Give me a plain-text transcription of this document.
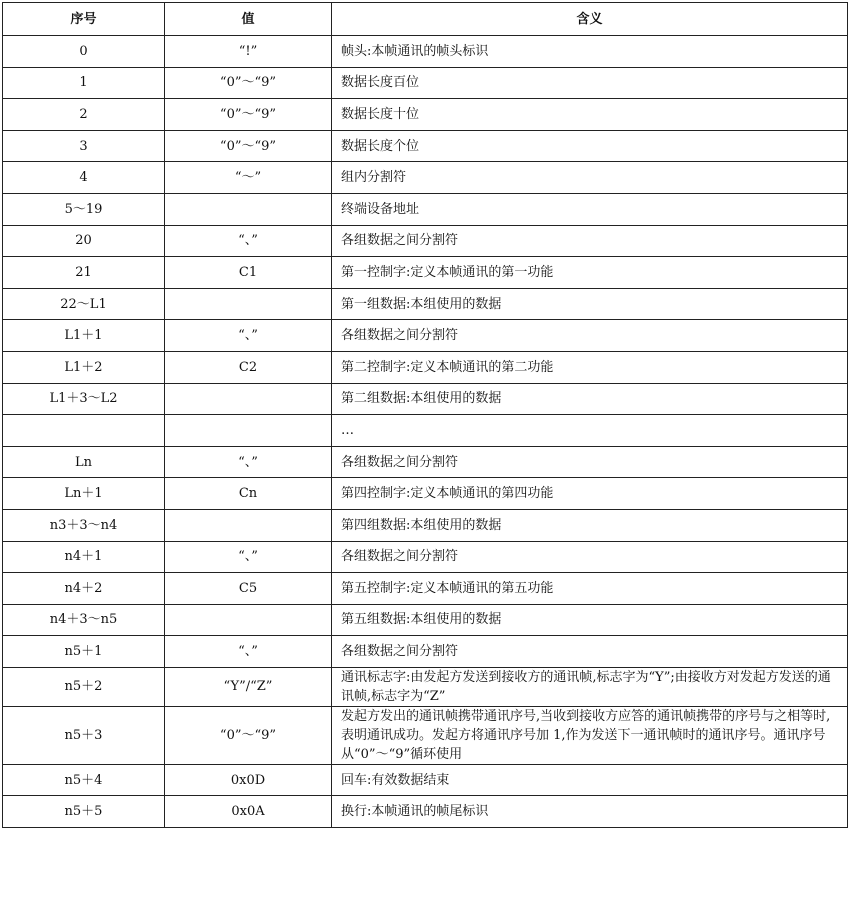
序号	值	含义
0	“!”	帧头:本帧通讯的帧头标识
1	“0”～“9”	数据长度百位
2	“0”～“9”	数据长度十位
3	“0”～“9”	数据长度个位
4	“～”	组内分割符
5～19		终端设备地址
20	“、”	各组数据之间分割符
21	C1	第一控制字:定义本帧通讯的第一功能
22～L1		第一组数据:本组使用的数据
L1＋1	“、”	各组数据之间分割符
L1＋2	C2	第二控制字:定义本帧通讯的第二功能
L1＋3～L2		第二组数据:本组使用的数据
		…
Ln	“、”	各组数据之间分割符
Ln＋1	Cn	第四控制字:定义本帧通讯的第四功能
n3＋3～n4		第四组数据:本组使用的数据
n4＋1	“、”	各组数据之间分割符
n4＋2	C5	第五控制字:定义本帧通讯的第五功能
n4＋3～n5		第五组数据:本组使用的数据
n5＋1	“、”	各组数据之间分割符
n5＋2	“Y”/“Z”	通讯标志字:由发起方发送到接收方的通讯帧,标志字为“Y”;由接收方对发起方发送的通讯帧,标志字为“Z”
n5＋3	“0”～“9”	发起方发出的通讯帧携带通讯序号,当收到接收方应答的通讯帧携带的序号与之相等时,表明通讯成功。发起方将通讯序号加 1,作为发送下一通讯帧时的通讯序号。通讯序号从“0”～“9”循环使用
n5＋4	0x0D	回车:有效数据结束
n5＋5	0x0A	换行:本帧通讯的帧尾标识
